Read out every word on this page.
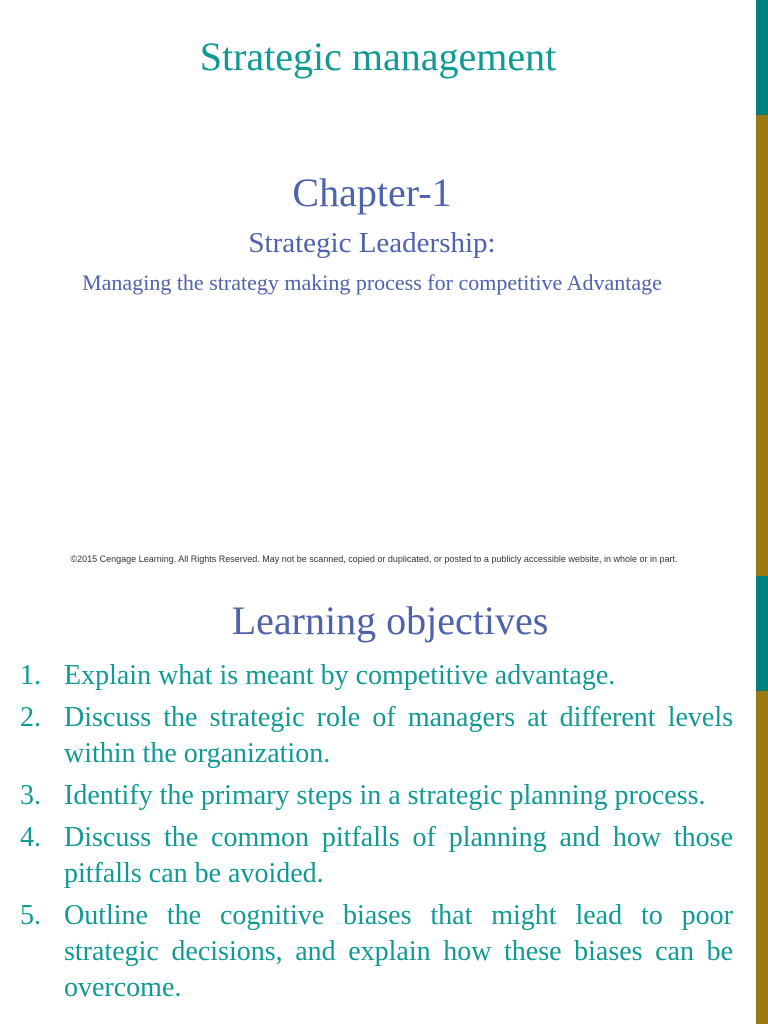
Strategic management
Chapter-1
Strategic Leadership:
Managing the strategy making process for competitive Advantage
©2015 Cengage Learning. All Rights Reserved. May not be scanned, copied or duplicated, or posted to a publicly accessible website, in whole or in part.
Learning objectives
1. Explain what is meant by competitive advantage.
2. Discuss the strategic role of managers at different levels within the organization.
3. Identify the primary steps in a strategic planning process.
4. Discuss the common pitfalls of planning and how those pitfalls can be avoided.
5. Outline the cognitive biases that might lead to poor strategic decisions, and explain how these biases can be overcome.
